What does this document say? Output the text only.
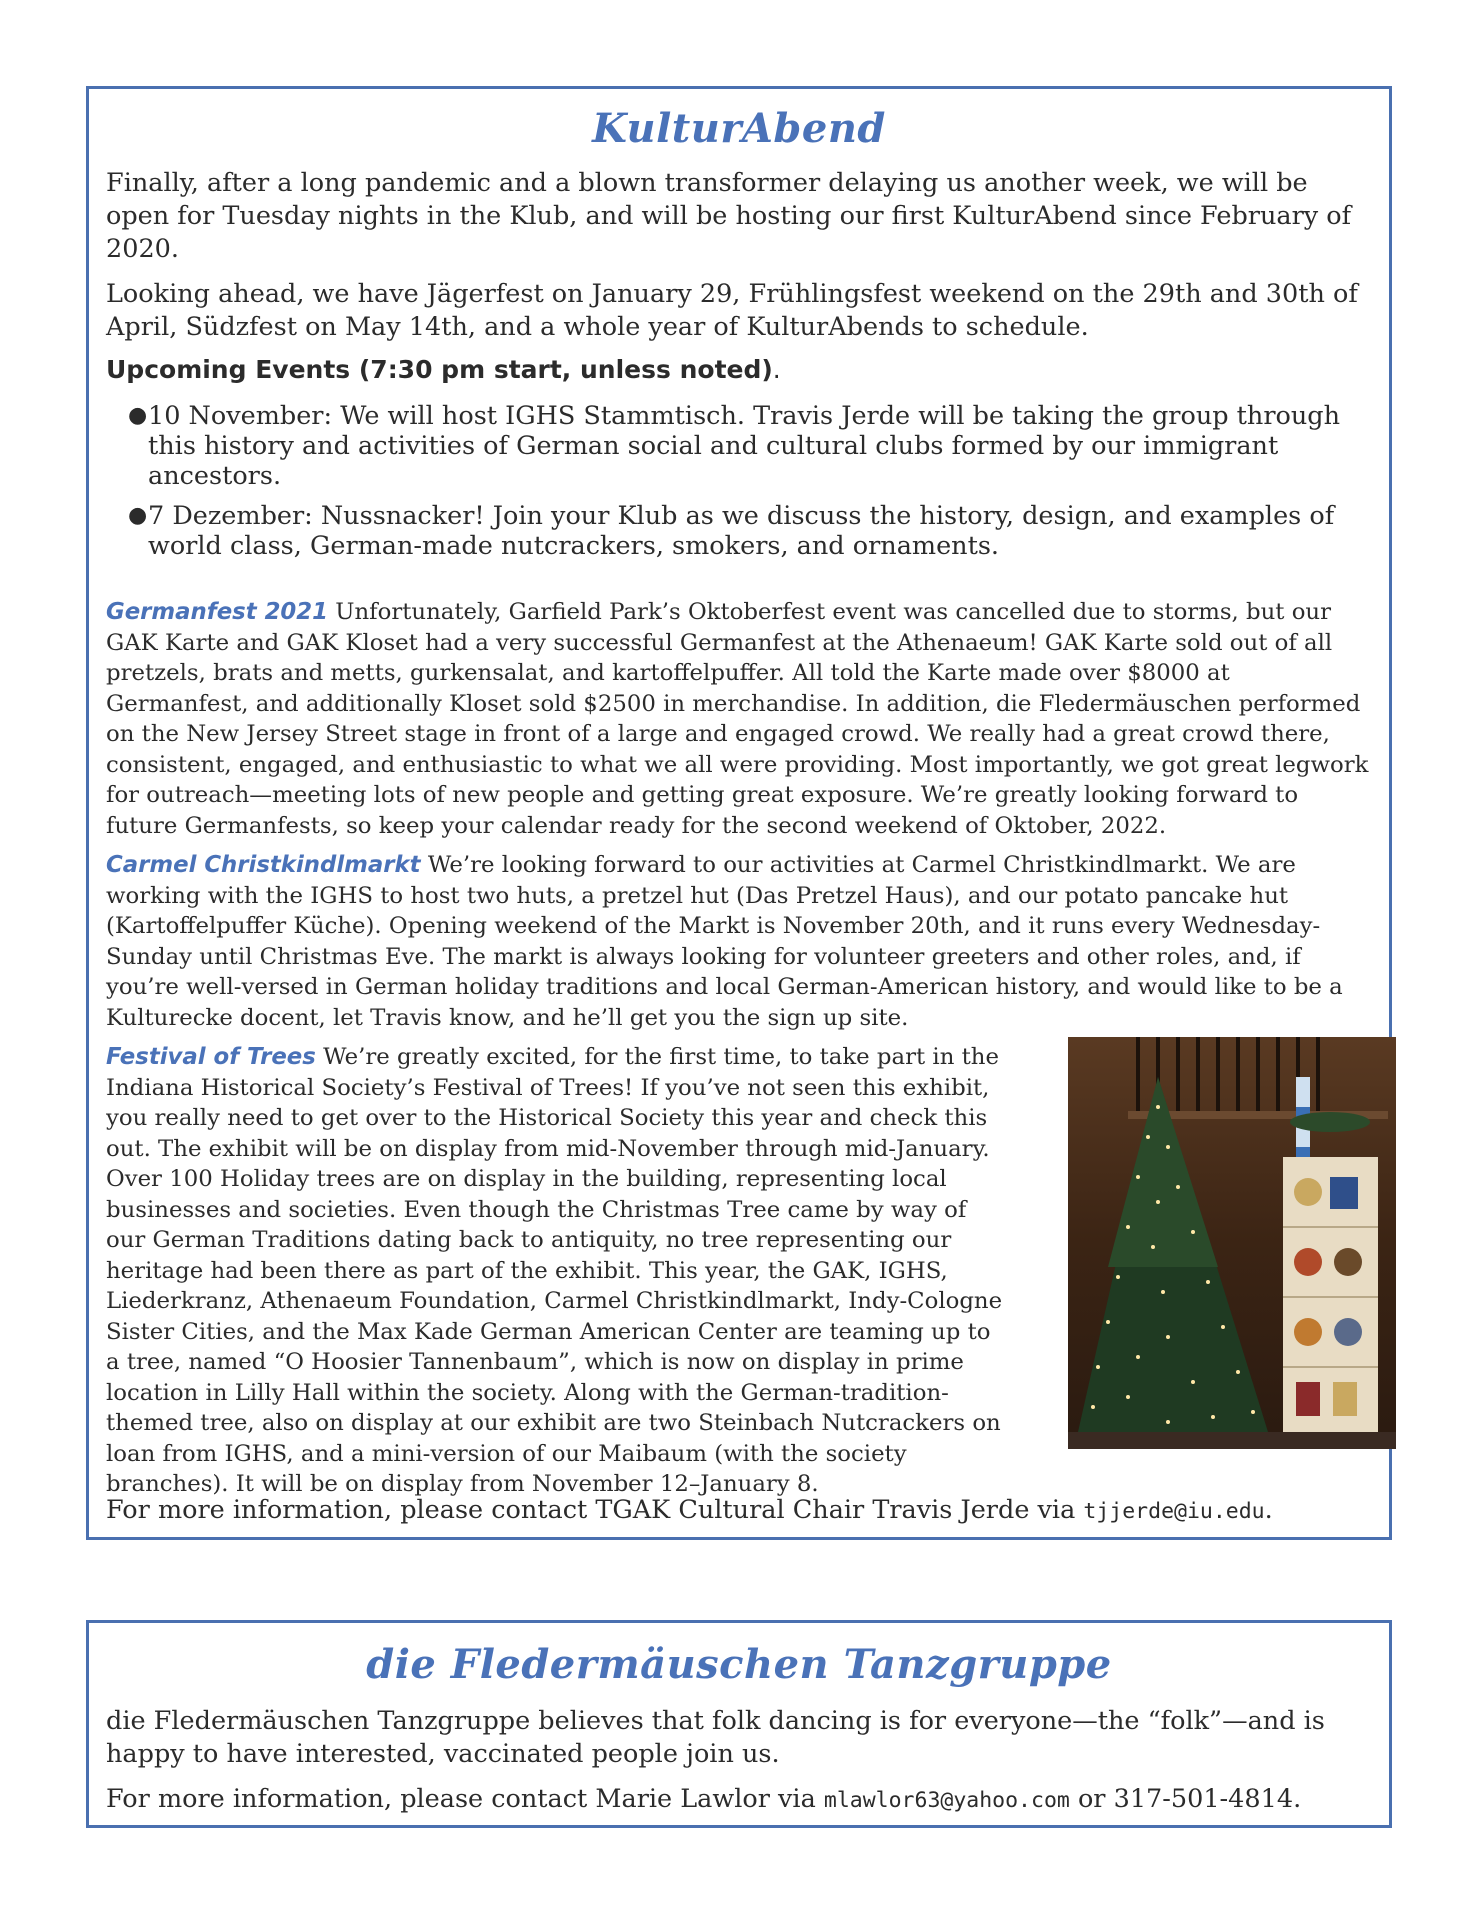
KulturAbend

Finally, after a long pandemic and a blown transformer delaying us another week, we will be open for Tuesday nights in the Klub, and will be hosting our first KulturAbend since February of 2020.

Looking ahead, we have Jägerfest on January 29, Frühlingsfest weekend on the 29th and 30th of April, Südzfest on May 14th, and a whole year of KulturAbends to schedule.

Upcoming Events (7:30 pm start, unless noted).

● 10 November: We will host IGHS Stammtisch. Travis Jerde will be taking the group through this history and activities of German social and cultural clubs formed by our immigrant ancestors.
● 7 Dezember: Nussnacker! Join your Klub as we discuss the history, design, and examples of world class, German-made nutcrackers, smokers, and ornaments.

Germanfest 2021 Unfortunately, Garfield Park’s Oktoberfest event was cancelled due to storms, but our GAK Karte and GAK Kloset had a very successful Germanfest at the Athenaeum! GAK Karte sold out of all pretzels, brats and metts, gurkensalat, and kartoffelpuffer. All told the Karte made over $8000 at Germanfest, and additionally Kloset sold $2500 in merchandise. In addition, die Fledermäuschen performed on the New Jersey Street stage in front of a large and engaged crowd. We really had a great crowd there, consistent, engaged, and enthusiastic to what we all were providing. Most importantly, we got great legwork for outreach—meeting lots of new people and getting great exposure. We’re greatly looking forward to future Germanfests, so keep your calendar ready for the second weekend of Oktober, 2022.

Carmel Christkindlmarkt We’re looking forward to our activities at Carmel Christkindlmarkt. We are working with the IGHS to host two huts, a pretzel hut (Das Pretzel Haus), and our potato pancake hut (Kartoffelpuffer Küche). Opening weekend of the Markt is November 20th, and it runs every Wednesday-Sunday until Christmas Eve. The markt is always looking for volunteer greeters and other roles, and, if you’re well-versed in German holiday traditions and local German-American history, and would like to be a Kulturecke docent, let Travis know, and he’ll get you the sign up site.

Festival of Trees We’re greatly excited, for the first time, to take part in the Indiana Historical Society’s Festival of Trees! If you’ve not seen this exhibit, you really need to get over to the Historical Society this year and check this out. The exhibit will be on display from mid-November through mid-January. Over 100 Holiday trees are on display in the building, representing local businesses and societies. Even though the Christmas Tree came by way of our German Traditions dating back to antiquity, no tree representing our heritage had been there as part of the exhibit. This year, the GAK, IGHS, Liederkranz, Athenaeum Foundation, Carmel Christkindlmarkt, Indy-Cologne Sister Cities, and the Max Kade German American Center are teaming up to a tree, named “O Hoosier Tannenbaum”, which is now on display in prime location in Lilly Hall within the society. Along with the German-tradition-themed tree, also on display at our exhibit are two Steinbach Nutcrackers on loan from IGHS, and a mini-version of our Maibaum (with the society branches). It will be on display from November 12–January 8.

For more information, please contact TGAK Cultural Chair Travis Jerde via tjjerde@iu.edu.

die Fledermäuschen Tanzgruppe

die Fledermäuschen Tanzgruppe believes that folk dancing is for everyone—the “folk”—and is happy to have interested, vaccinated people join us.

For more information, please contact Marie Lawlor via mlawlor63@yahoo.com or 317-501-4814.
